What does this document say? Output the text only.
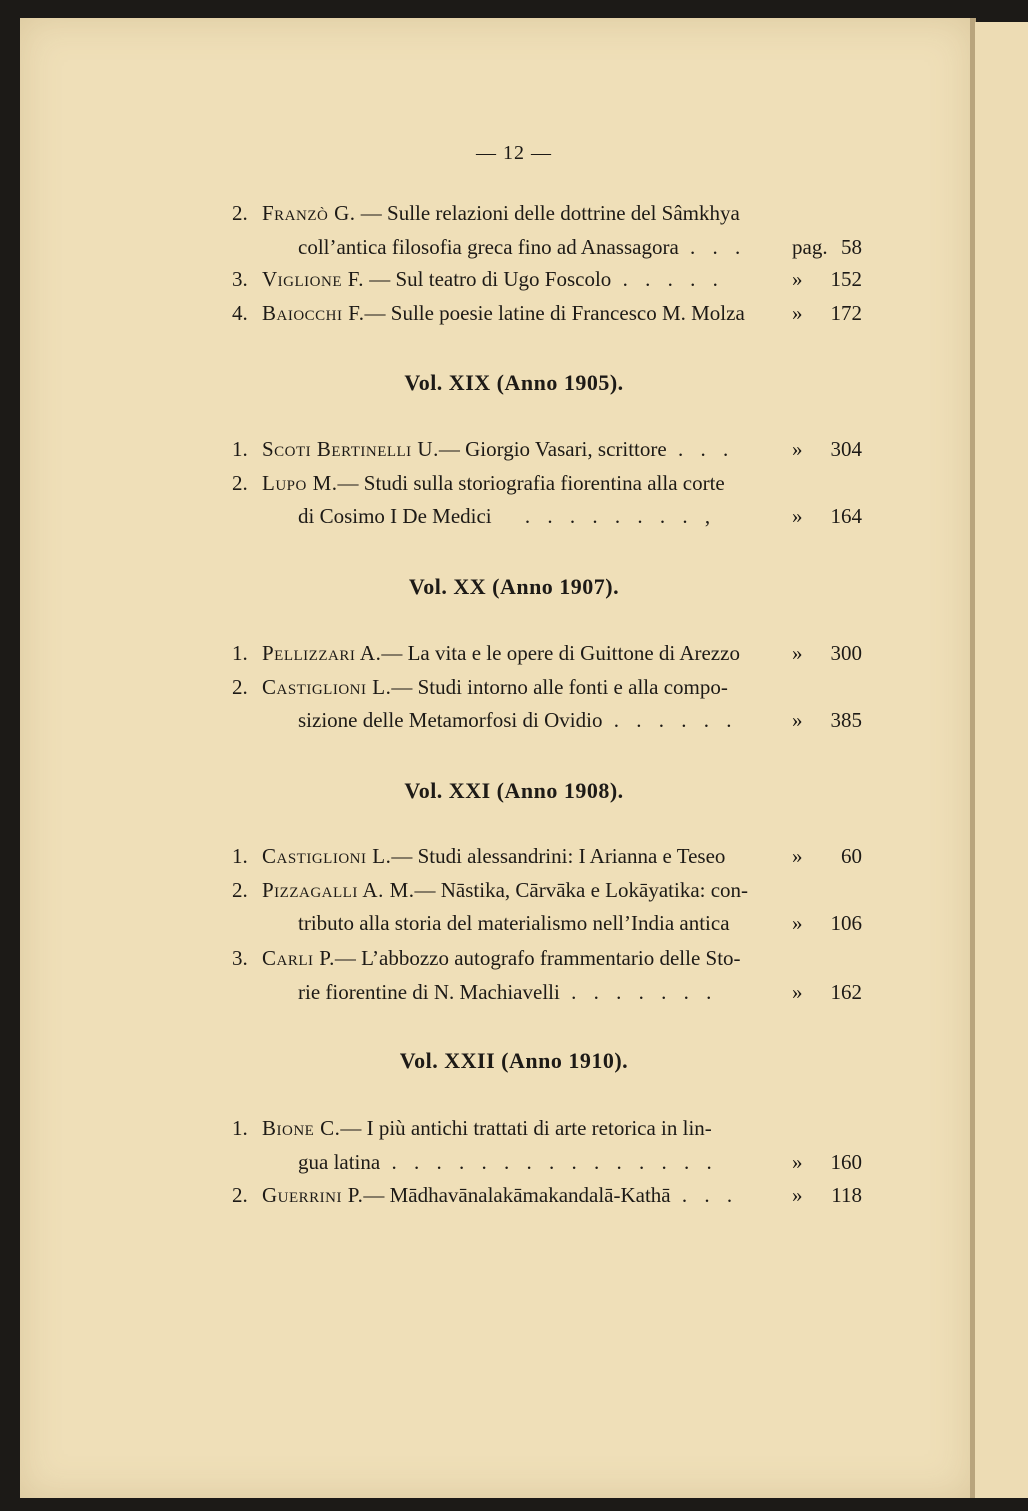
— 12 —
2. Franzò G. — Sulle relazioni delle dottrine del Sâmkhya
coll’antica filosofia greca fino ad Anassagora . . . pag. 58
3. Viglione F. — Sul teatro di Ugo Foscolo . . . . .	» 152
4. Baiocchi F.— Sulle poesie latine di Francesco M. Molza » 172
Vol. XIX (Anno 1905).
1. Scoti Bertinelli U.— Giorgio Vasari, scrittore . . .	» 304
2. Lupo M.— Studi sulla storiografia fiorentina alla corte
di Cosimo I De Medici . . . . . . . . ,	» 164
Vol. XX (Anno 1907).
1. Pellizzari A.— La vita e le opere di Guittone di Arezzo » 300
2. Castiglioni L.— Studi intorno alle fonti e alla compo-
sizione delle Metamorfosi di Ovidio . . . . . .	» 385
Vol. XXI (Anno 1908).
1. Castiglioni L.— Studi alessandrini: I Arianna e Teseo	» 60
2. Pizzagalli A. M.— Nāstika, Cārvāka e Lokāyatika: con-
tributo alla storia del materialismo nell’India antica	» 106
3. Carli P.— L’abbozzo autografo frammentario delle Sto-
rie fiorentine di N. Machiavelli . . . . . . .	» 162
Vol. XXII (Anno 1910).
1. Bione C.— I più antichi trattati di arte retorica in lin-
gua latina . . . . . . . . . . . . . . .	» 160
2. Guerrini P.— Mādhavānalakāmakandalā-Kathā . . .	» 118
